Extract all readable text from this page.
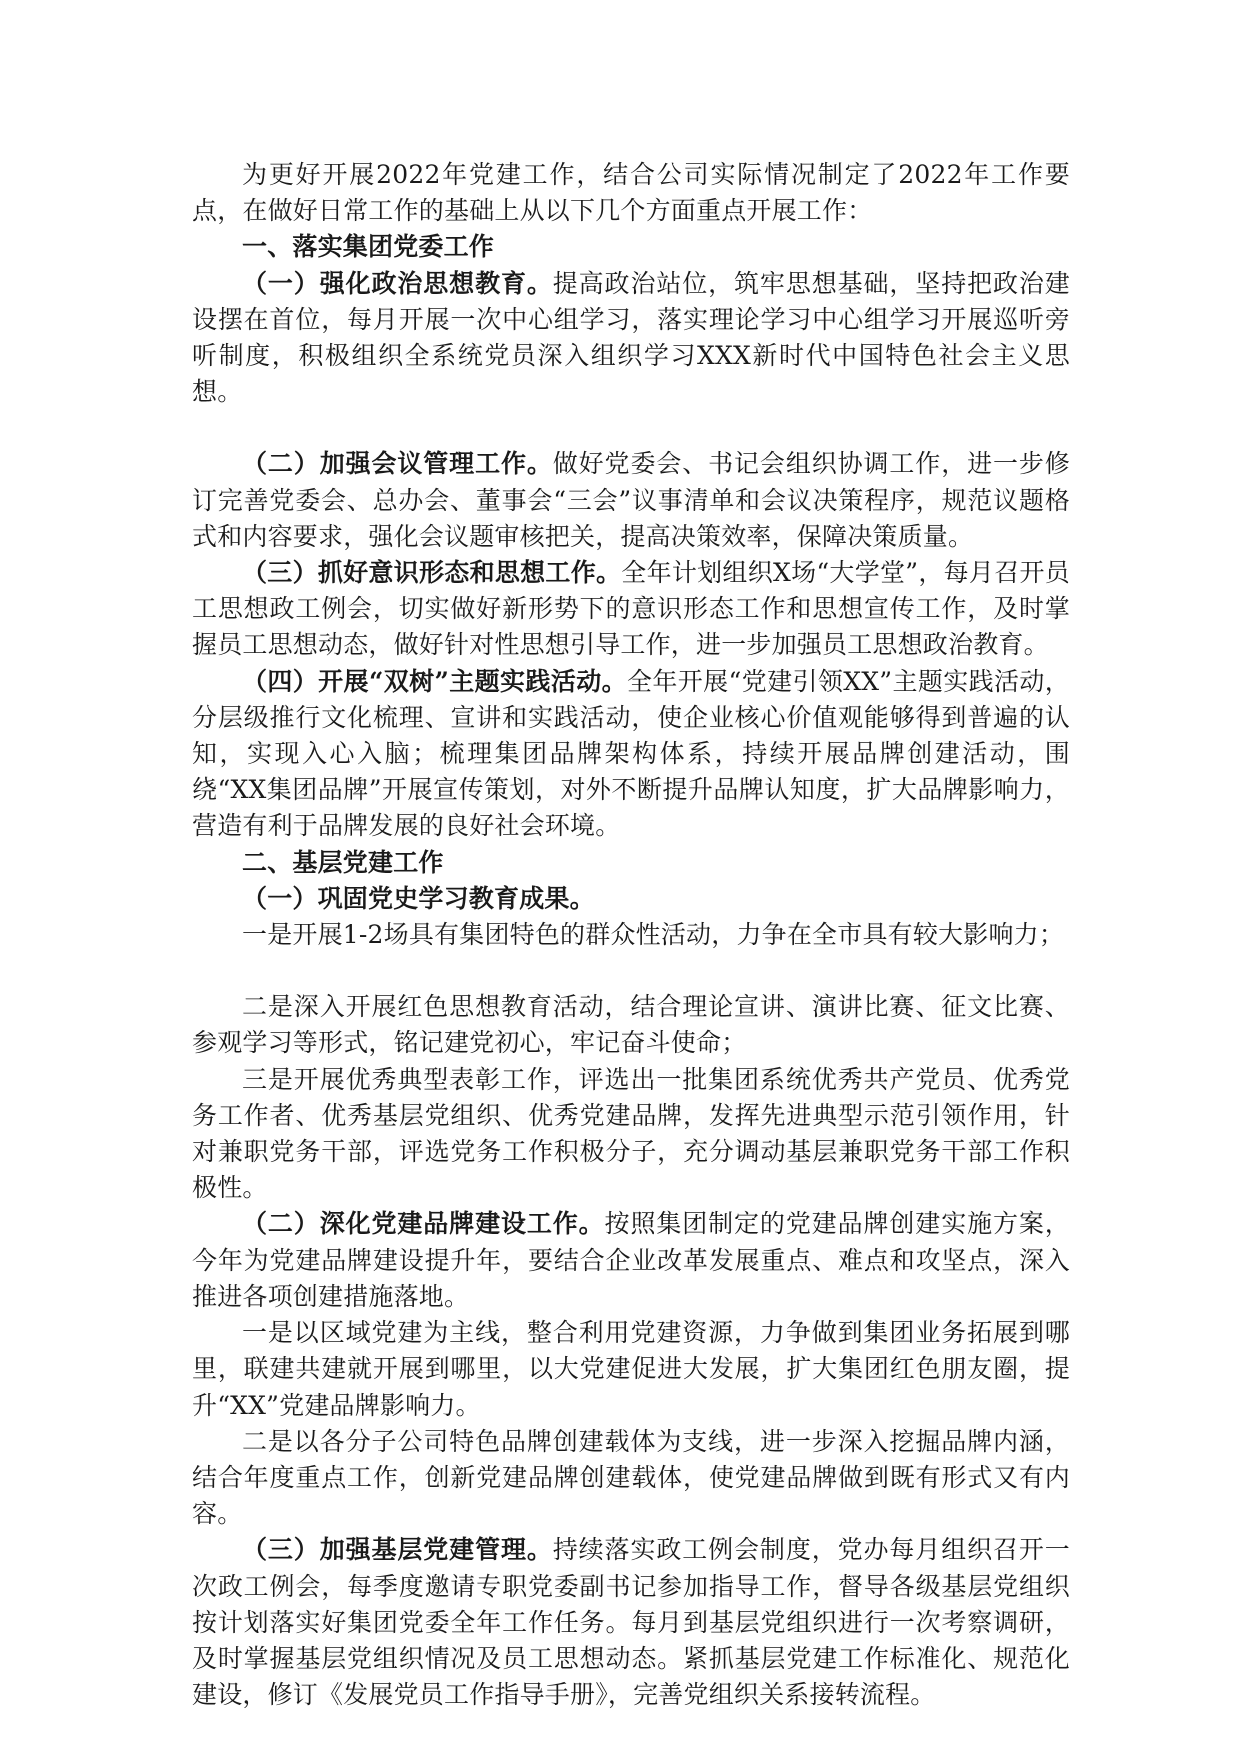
为更好开展2022年党建工作，结合公司实际情况制定了2022年工作要点，在做好日常工作的基础上从以下几个方面重点开展工作：

一、落实集团党委工作

（一）强化政治思想教育。提高政治站位，筑牢思想基础，坚持把政治建设摆在首位，每月开展一次中心组学习，落实理论学习中心组学习开展巡听旁听制度，积极组织全系统党员深入组织学习XXX新时代中国特色社会主义思想。

（二）加强会议管理工作。做好党委会、书记会组织协调工作，进一步修订完善党委会、总办会、董事会“三会”议事清单和会议决策程序，规范议题格式和内容要求，强化会议题审核把关，提高决策效率，保障决策质量。

（三）抓好意识形态和思想工作。全年计划组织X场“大学堂”，每月召开员工思想政工例会，切实做好新形势下的意识形态工作和思想宣传工作，及时掌握员工思想动态，做好针对性思想引导工作，进一步加强员工思想政治教育。

（四）开展“双树”主题实践活动。全年开展“党建引领XX”主题实践活动，分层级推行文化梳理、宣讲和实践活动，使企业核心价值观能够得到普遍的认知，实现入心入脑；梳理集团品牌架构体系，持续开展品牌创建活动，围绕“XX集团品牌”开展宣传策划，对外不断提升品牌认知度，扩大品牌影响力，营造有利于品牌发展的良好社会环境。

二、基层党建工作

（一）巩固党史学习教育成果。

一是开展1-2场具有集团特色的群众性活动，力争在全市具有较大影响力；

二是深入开展红色思想教育活动，结合理论宣讲、演讲比赛、征文比赛、参观学习等形式，铭记建党初心，牢记奋斗使命；

三是开展优秀典型表彰工作，评选出一批集团系统优秀共产党员、优秀党务工作者、优秀基层党组织、优秀党建品牌，发挥先进典型示范引领作用，针对兼职党务干部，评选党务工作积极分子，充分调动基层兼职党务干部工作积极性。

（二）深化党建品牌建设工作。按照集团制定的党建品牌创建实施方案，今年为党建品牌建设提升年，要结合企业改革发展重点、难点和攻坚点，深入推进各项创建措施落地。

一是以区域党建为主线，整合利用党建资源，力争做到集团业务拓展到哪里，联建共建就开展到哪里，以大党建促进大发展，扩大集团红色朋友圈，提升“XX”党建品牌影响力。

二是以各分子公司特色品牌创建载体为支线，进一步深入挖掘品牌内涵，结合年度重点工作，创新党建品牌创建载体，使党建品牌做到既有形式又有内容。

（三）加强基层党建管理。持续落实政工例会制度，党办每月组织召开一次政工例会，每季度邀请专职党委副书记参加指导工作，督导各级基层党组织按计划落实好集团党委全年工作任务。每月到基层党组织进行一次考察调研，及时掌握基层党组织情况及员工思想动态。紧抓基层党建工作标准化、规范化建设，修订《发展党员工作指导手册》，完善党组织关系接转流程。
